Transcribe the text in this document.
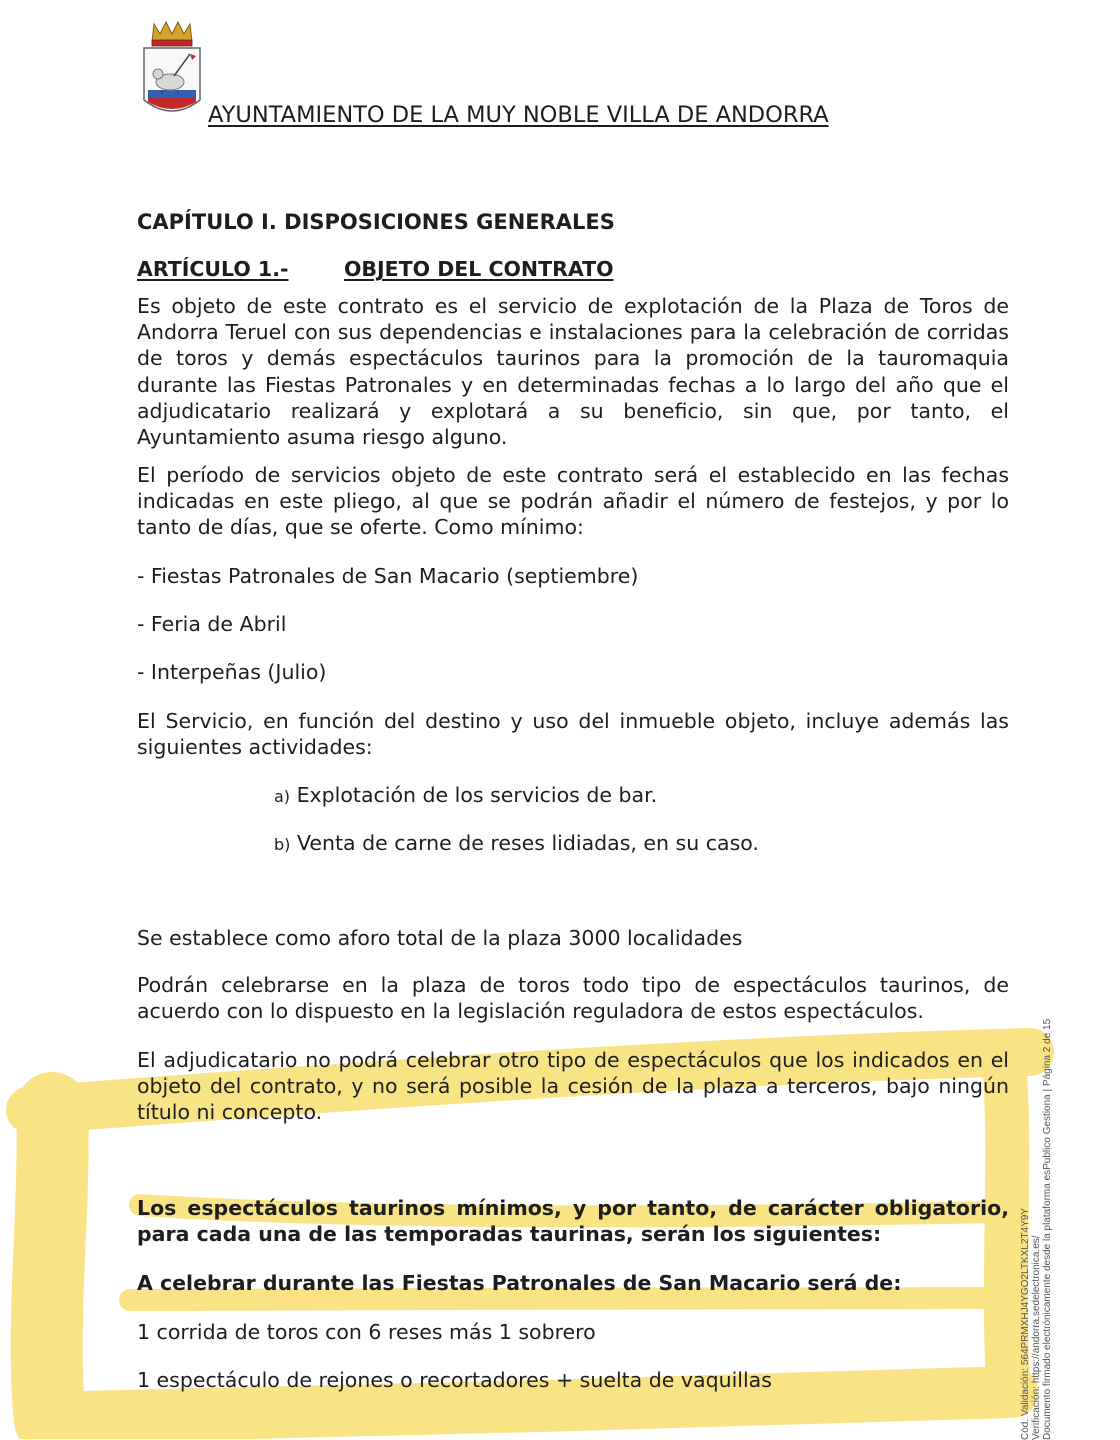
AYUNTAMIENTO DE LA MUY NOBLE VILLA DE ANDORRA

CAPÍTULO I. DISPOSICIONES GENERALES

ARTÍCULO 1.-	OBJETO DEL CONTRATO

Es objeto de este contrato es el servicio de explotación de la Plaza de Toros de Andorra Teruel con sus dependencias e instalaciones para la celebración de corridas de toros y demás espectáculos taurinos para la promoción de la tauromaquia durante las Fiestas Patronales y en determinadas fechas a lo largo del año que el adjudicatario realizará y explotará a su beneficio, sin que, por tanto, el Ayuntamiento asuma riesgo alguno.

El período de servicios objeto de este contrato será el establecido en las fechas indicadas en este pliego, al que se podrán añadir el número de festejos, y por lo tanto de días, que se oferte. Como mínimo:

- Fiestas Patronales de San Macario (septiembre)

- Feria de Abril

- Interpeñas (Julio)

El Servicio, en función del destino y uso del inmueble objeto, incluye además las siguientes actividades:

a) Explotación de los servicios de bar.
b) Venta de carne de reses lidiadas, en su caso.

Se establece como aforo total de la plaza 3000 localidades

Podrán celebrarse en la plaza de toros todo tipo de espectáculos taurinos, de acuerdo con lo dispuesto en la legislación reguladora de estos espectáculos.

El adjudicatario no podrá celebrar otro tipo de espectáculos que los indicados en el objeto del contrato, y no será posible la cesión de la plaza a terceros, bajo ningún título ni concepto.

Los espectáculos taurinos mínimos, y por tanto, de carácter obligatorio, para cada una de las temporadas taurinas, serán los siguientes:

A celebrar durante las Fiestas Patronales de San Macario será de:

1 corrida de toros con 6 reses más 1 sobrero

1 espectáculo de rejones o recortadores + suelta de vaquillas	Cód. Validación: 564PRMXHJ4YGO2LTKXL2T4Y9Y Verificación: https://andorra.sedelectronica.es/ Documento firmado electrónicamente desde la plataforma esPublico Gestiona | Página 2 de 15
